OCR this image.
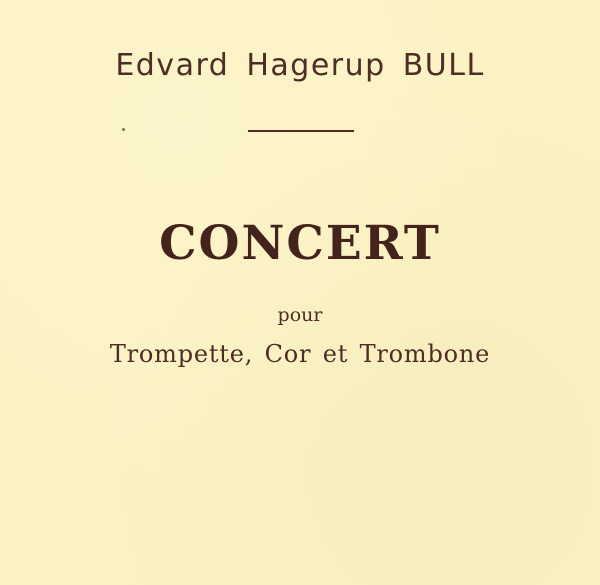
Edvard Hagerup BULL
CONCERT
pour
Trompette, Cor et Trombone
